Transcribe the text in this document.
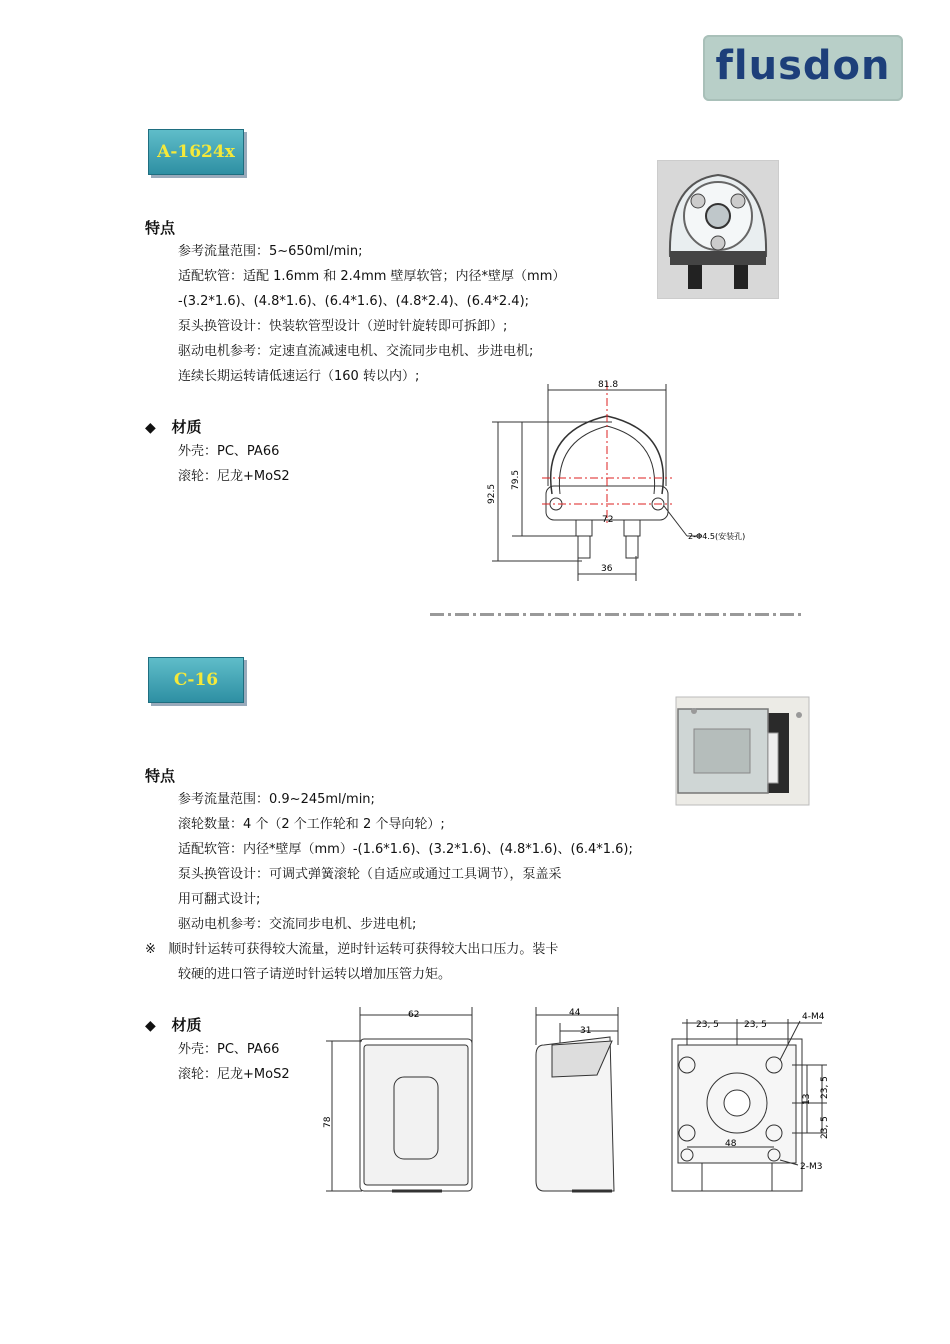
flusdon
A-1624x
特点
参考流量范围：5~650ml/min;
适配软管：适配 1.6mm 和 2.4mm 壁厚软管；内径*壁厚（mm）
-(3.2*1.6)、(4.8*1.6)、(6.4*1.6)、(4.8*2.4)、(6.4*2.4);
泵头换管设计：快装软管型设计（逆时针旋转即可拆卸）;
驱动电机参考：定速直流减速电机、交流同步电机、步进电机;
连续长期运转请低速运行（160 转以内）;
◆ 材质
外壳：PC、PA66
滚轮：尼龙+MoS2
81.8
92.5
79.5
72
36
2-Φ4.5(安装孔)
C-16
特点
参考流量范围：0.9~245ml/min;
滚轮数量：4 个（2 个工作轮和 2 个导向轮）;
适配软管：内径*壁厚（mm）-(1.6*1.6)、(3.2*1.6)、(4.8*1.6)、(6.4*1.6);
泵头换管设计：可调式弹簧滚轮（自适应或通过工具调节），泵盖采
用可翻式设计;
驱动电机参考：交流同步电机、步进电机;
※ 顺时针运转可获得较大流量，逆时针运转可获得较大出口压力。装卡
较硬的进口管子请逆时针运转以增加压管力矩。
◆ 材质
外壳：PC、PA66
滚轮：尼龙+MoS2
62
78
44
31
23, 5	23, 5
4-M4
48
13
23, 5
23, 5
2-M3
